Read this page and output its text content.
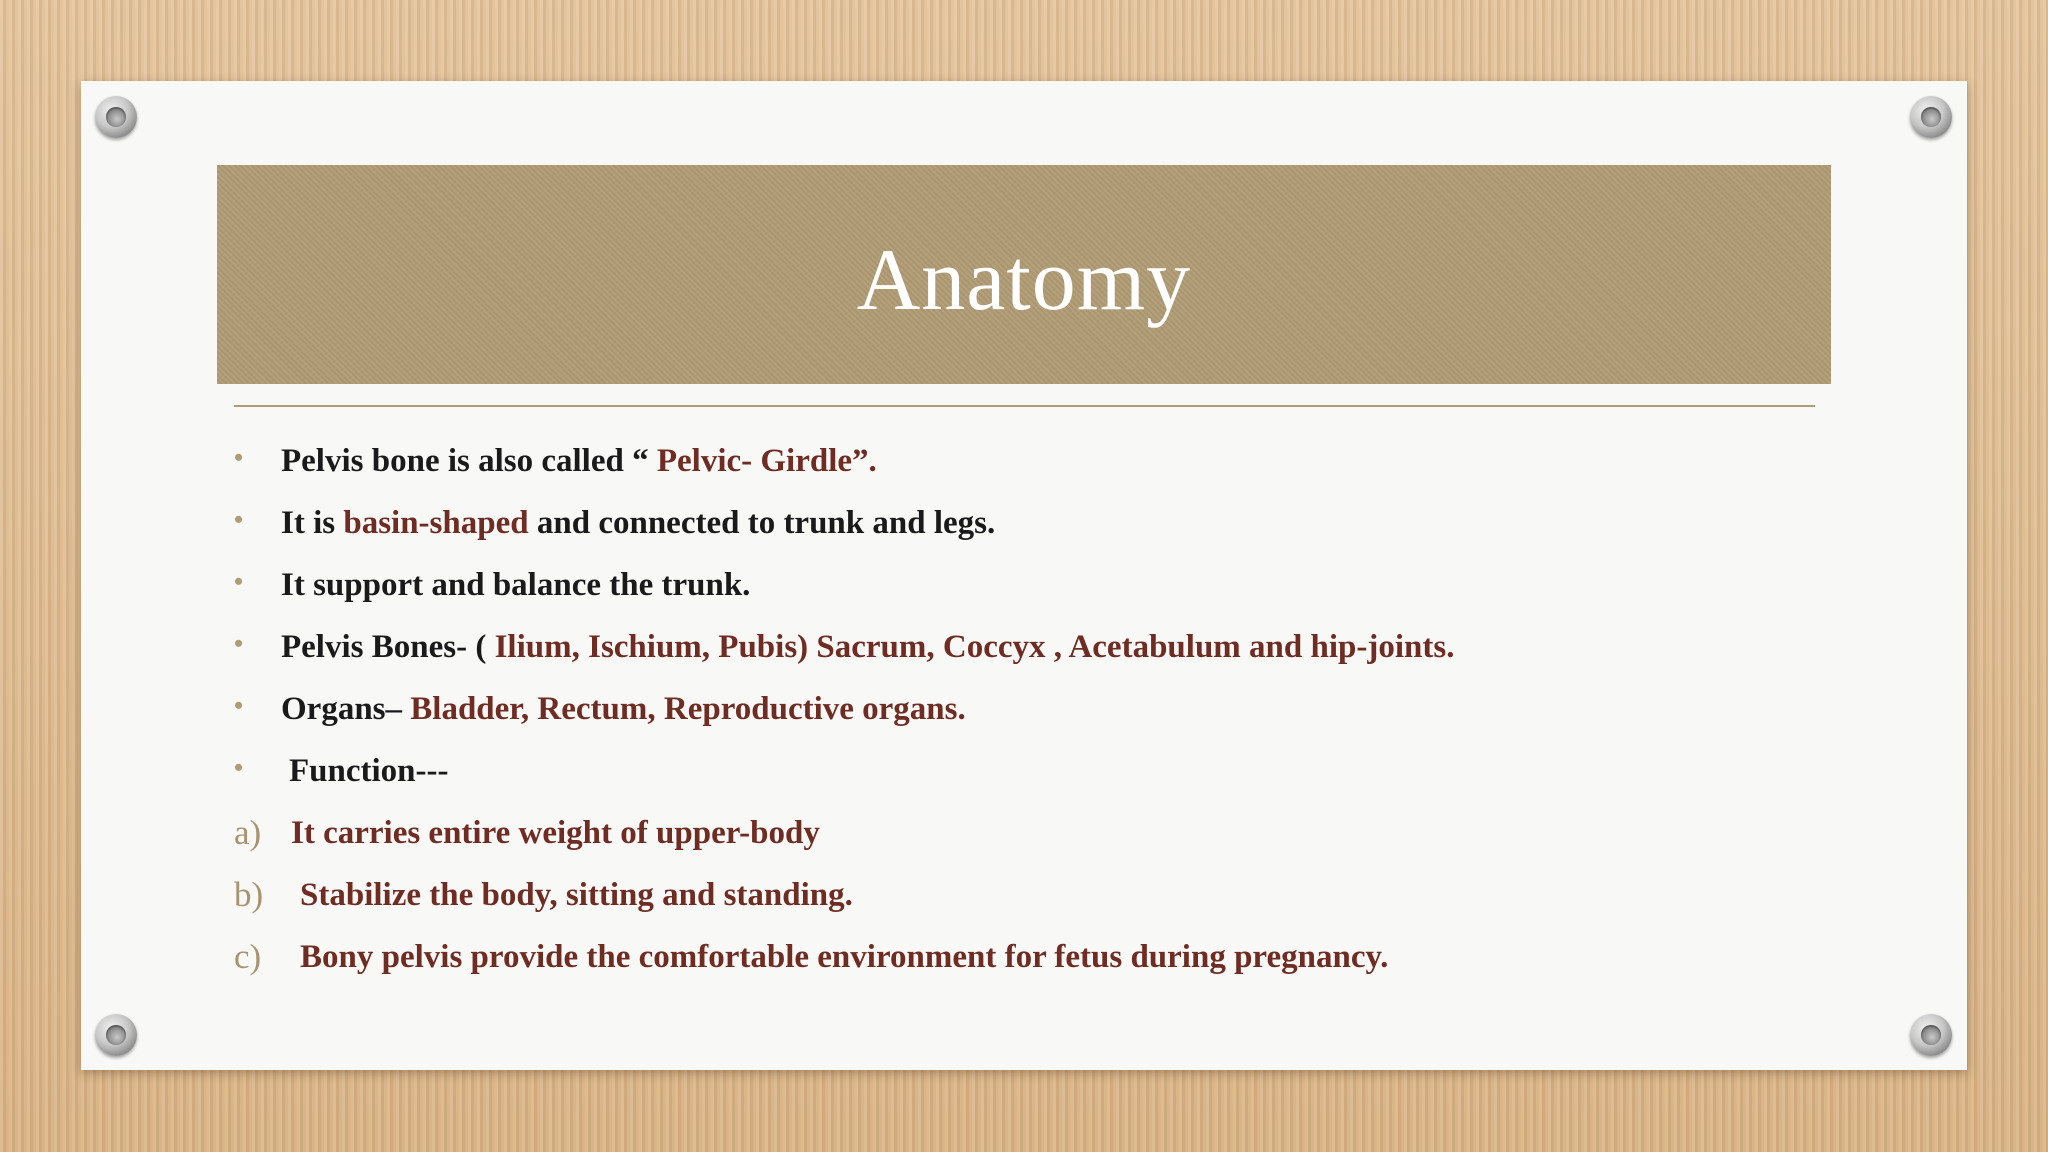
Anatomy
•	Pelvis bone is also called “ Pelvic- Girdle”.
•	It is basin-shaped and connected to trunk and legs.
•	It support and balance the trunk.
•	Pelvis Bones- ( Ilium, Ischium, Pubis) Sacrum, Coccyx , Acetabulum and hip-joints.
•	Organs– Bladder, Rectum, Reproductive organs.
•	Function---
a) It carries entire weight of upper-body
b) Stabilize the body, sitting and standing.
c) Bony pelvis provide the comfortable environment for fetus during pregnancy.
